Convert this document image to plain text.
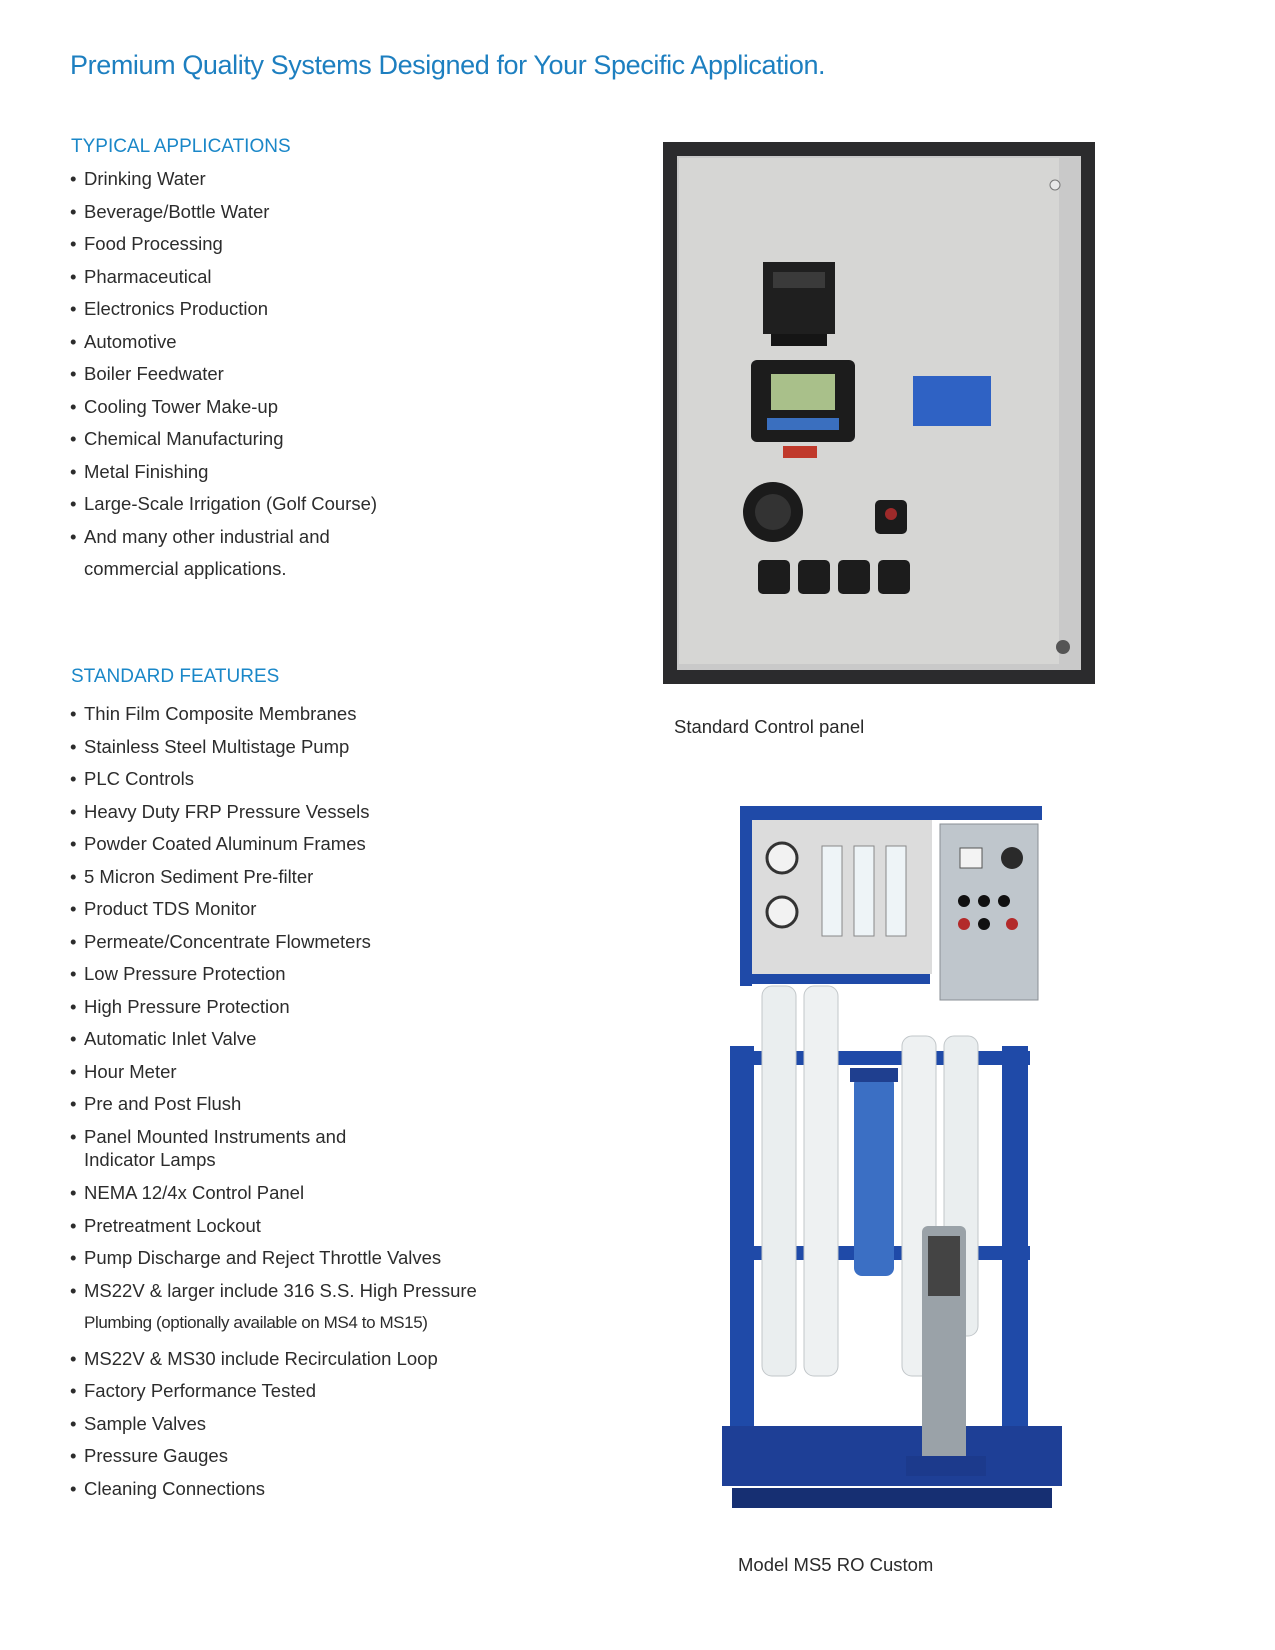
Premium Quality Systems Designed for Your Specific Application.
TYPICAL APPLICATIONS
• Drinking Water
• Beverage/Bottle Water
• Food Processing
• Pharmaceutical
• Electronics Production
• Automotive
• Boiler Feedwater
• Cooling Tower Make-up
• Chemical Manufacturing
• Metal Finishing
• Large-Scale Irrigation (Golf Course)
• And many other industrial and
commercial applications.
STANDARD FEATURES
• Thin Film Composite Membranes
• Stainless Steel Multistage Pump
• PLC Controls
• Heavy Duty FRP Pressure Vessels
• Powder Coated Aluminum Frames
• 5 Micron Sediment Pre-filter
• Product TDS Monitor
• Permeate/Concentrate Flowmeters
• Low Pressure Protection
• High Pressure Protection
• Automatic Inlet Valve
• Hour Meter
• Pre and Post Flush
• Panel Mounted Instruments and
Indicator Lamps
• NEMA 12/4x Control Panel
• Pretreatment Lockout
• Pump Discharge and Reject Throttle Valves
• MS22V & larger include 316 S.S. High Pressure
Plumbing (optionally available on MS4 to MS15)
• MS22V & MS30 include Recirculation Loop
• Factory Performance Tested
• Sample Valves
• Pressure Gauges
• Cleaning Connections
Standard Control panel
Model MS5 RO Custom
